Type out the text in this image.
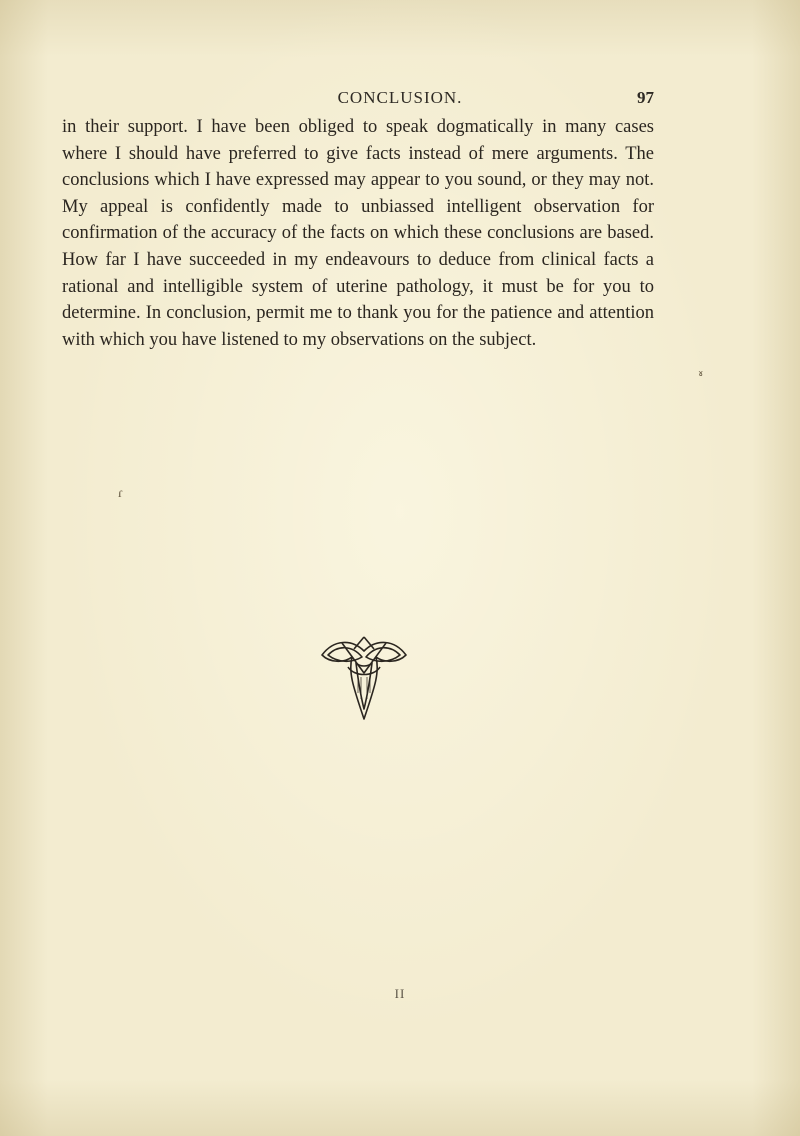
CONCLUSION.	97

in their support. I have been obliged to speak dogmatically in many cases where I should have preferred to give facts instead of mere arguments. The conclusions which I have expressed may appear to you sound, or they may not. My appeal is confidently made to unbiassed intelligent observation for confirmation of the accuracy of the facts on which these conclusions are based. How far I have succeeded in my endeavours to deduce from clinical facts a rational and intelligible system of uterine pathology, it must be for you to determine. In conclusion, permit me to thank you for the patience and attention with which you have listened to my observations on the subject.

II
ɾ
៵
